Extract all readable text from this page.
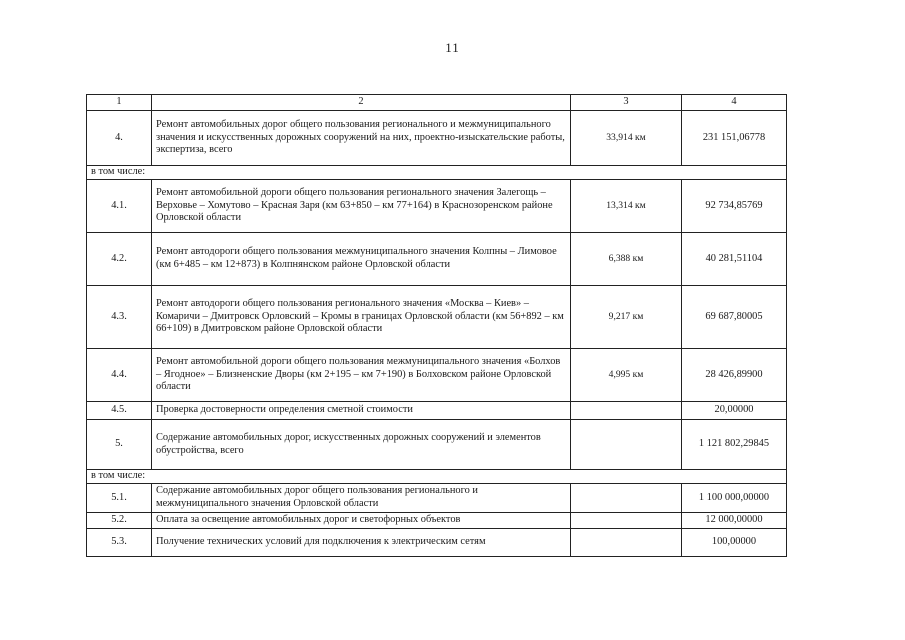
11
1	2	3	4
4.	Ремонт автомобильных дорог общего пользования регионального и межмуниципального значения и искусственных дорожных сооружений на них, проектно-изыскательские работы, экспертиза, всего	33,914 км	231 151,06778
в том числе:			
4.1.	Ремонт автомобильной дороги общего пользования регионального значения Залегощь – Верховье – Хомутово – Красная Заря (км 63+850 – км 77+164) в Краснозоренском районе Орловской области	13,314 км	92 734,85769
4.2.	Ремонт автодороги общего пользования межмуниципального значения Колпны – Лимовое (км 6+485 – км 12+873) в Колпнянском районе Орловской области	6,388 км	40 281,51104
4.3.	Ремонт автодороги общего пользования регионального значения «Москва – Киев» – Комаричи – Дмитровск Орловский – Кромы в границах Орловской области (км 56+892 – км 66+109) в Дмитровском районе Орловской области	9,217 км	69 687,80005
4.4.	Ремонт автомобильной дороги общего пользования межмуниципального значения «Болхов – Ягодное» – Близненские Дворы (км 2+195 – км 7+190) в Болховском районе Орловской области	4,995 км	28 426,89900
4.5.	Проверка достоверности определения сметной стоимости		20,00000
5.	Содержание автомобильных дорог, искусственных дорожных сооружений и элементов обустройства, всего		1 121 802,29845
в том числе:			
5.1.	Содержание автомобильных дорог общего пользования регионального и межмуниципального значения Орловской области		1 100 000,00000
5.2.	Оплата за освещение автомобильных дорог и светофорных объектов		12 000,00000
5.3.	Получение технических условий для подключения к электрическим сетям		100,00000
